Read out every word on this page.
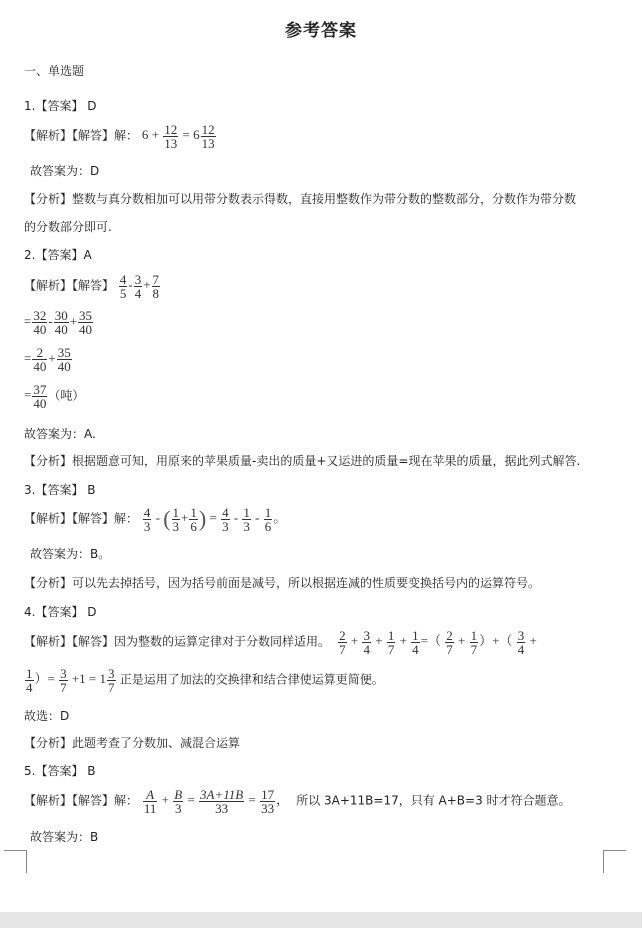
参考答案
一、单选题
1.【答案】 D
【解析】【解答】解： $6 + \frac{12}{13} = 6 \frac{12}{13}$
故答案为：D
【分析】整数与真分数相加可以用带分数表示得数，直接用整数作为带分数的整数部分，分数作为带分数
的分数部分即可.
2.【答案】A
【解析】【解答】 $\frac{4}{5} - \frac{3}{4} + \frac{7}{8}$
= $\frac{32}{40} - \frac{30}{40} + \frac{35}{40}$
= $\frac{2}{40} + \frac{35}{40}$
= $\frac{37}{40}$ （吨）
故答案为：A.
【分析】根据题意可知，用原来的苹果质量-卖出的质量+又运进的质量=现在苹果的质量，据此列式解答.
3.【答案】 B
【解析】【解答】解： $\frac{4}{3}$ - ( $\frac{1}{3} + \frac{1}{6}$ ) = $\frac{4}{3} - \frac{1}{3} - \frac{1}{6}$ 。
故答案为：B。
【分析】可以先去掉括号，因为括号前面是减号，所以根据连减的性质要变换括号内的运算符号。
4.【答案】 D
【解析】【解答】因为整数的运算定律对于分数同样适用。 $\frac{2}{7} + \frac{3}{4} + \frac{1}{7} + \frac{1}{4}$ =（ $\frac{2}{7} + \frac{1}{7}$ ）+（ $\frac{3}{4}$ +
$\frac{1}{4}$ ）= $\frac{3}{7} +1 = 1 \frac{3}{7}$ 正是运用了加法的交换律和结合律使运算更简便。
故选：D
【分析】此题考查了分数加、减混合运算
5.【答案】 B
【解析】【解答】解： $\frac{A}{11} + \frac{B}{3} = \frac{3A+11B}{33} = \frac{17}{33}$ ，  所以 3A+11B=17，只有 A+B=3 时才符合题意。
故答案为：B
